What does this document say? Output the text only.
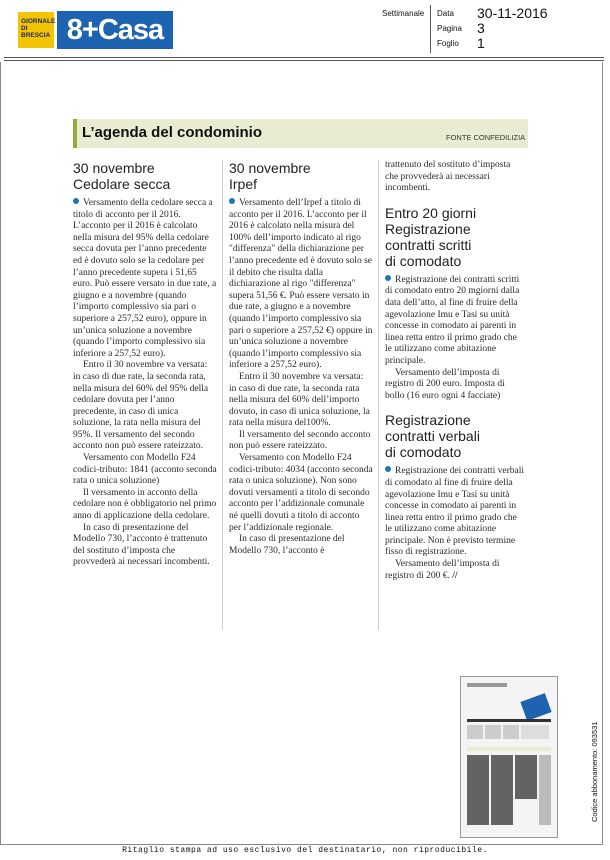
GIORNALE DI BRESCIA 8+Casa
Settimanale Data 30-11-2016
Pagina 3
Foglio 1
L’agenda del condominio	FONTE CONFEDILIZIA
30 novembre
Cedolare secca

Versamento della cedolare secca a titolo di acconto per il 2016. L’acconto per il 2016 è calcolato nella misura del 95% della cedolare secca dovuta per l’anno precedente ed è dovuto solo se la cedolare per l’anno precedente supera i 51,65 euro. Può essere versato in due rate, a giugno e a novembre (quando l’importo complessivo sia pari o superiore a 257,52 euro), oppure in un’unica soluzione a novembre (quando l’importo complessivo sia inferiore a 257,52 euro).

Entro il 30 novembre va versata: in caso di due rate, la seconda rata, nella misura del 60% del 95% della cedolare dovuta per l’anno precedente, in caso di unica soluzione, la rata nella misura del 95%. Il versamento del secondo acconto non può essere rateizzato.

Versamento con Modello F24 codici-tributo: 1841 (acconto seconda rata o unica soluzione)

Il versamento in acconto della cedolare non è obbligatorio nel primo anno di applicazione della cedolare.

In caso di presentazione del Modello 730, l’acconto è trattenuto del sostituto d’imposta che provvederà ai necessari incombenti.

30 novembre
Irpef

Versamento dell’Irpef a titolo di acconto per il 2016. L’acconto per il 2016 è calcolato nella misura del 100% dell’importo indicato al rigo "differenza" della dichiarazione per l’anno precedente ed è dovuto solo se il debito che risulta dalla dichiarazione al rigo "differenza" supera 51,56 €. Può essere versato in due rate, a giugno e a novembre (quando l’importo complessivo sia pari o superiore a 257,52 €) oppure in un’unica soluzione a novembre (quando l’importo complessivo sia inferiore a 257,52 euro).

Entro il 30 novembre va versata: in caso di due rate, la seconda rata nella misura del 60% dell’importo dovuto, in caso di unica soluzione, la rata nella misura del100%.

Il versamento del secondo acconto non può essere rateizzato.

Versamento con Modello F24 codici-tributo: 4034 (acconto seconda rata o unica soluzione). Non sono dovuti versamenti a titolo di secondo acconto per l’addizionale comunale né quelli dovuti a titolo di acconto per l’addizionale regionale.

In caso di presentazione del Modello 730, l’acconto è

trattenuto del sostituto d’imposta che provvederà ai necessari incombenti.

Entro 20 giorni
Registrazione
contratti scritti
di comodato

Registrazione dei contratti scritti di comodato entro 20 mgiorni dalla data dell’atto, al fine di fruire della agevolazione Imu e Tasi su unità concesse in comodato ai parenti in linea retta entro il primo grado che le utilizzano come abitazione principale.

Versamento dell’imposta di registro di 200 euro. Imposta di bollo (16 euro ogni 4 facciate)

Registrazione
contratti verbali
di comodato

Registrazione dei contratti verbali di comodato al fine di fruire della agevolazione Imu e Tasi su unità concesse in comodato ai parenti in linea retta entro il primo grado che le utilizzano come abitazione principale. Non è previsto termine fisso di registrazione.

Versamento dell’imposta di registro di 200 €. //

Codice abbonamento: 093531
Ritaglio stampa ad uso esclusivo del destinatario, non riproducibile.
